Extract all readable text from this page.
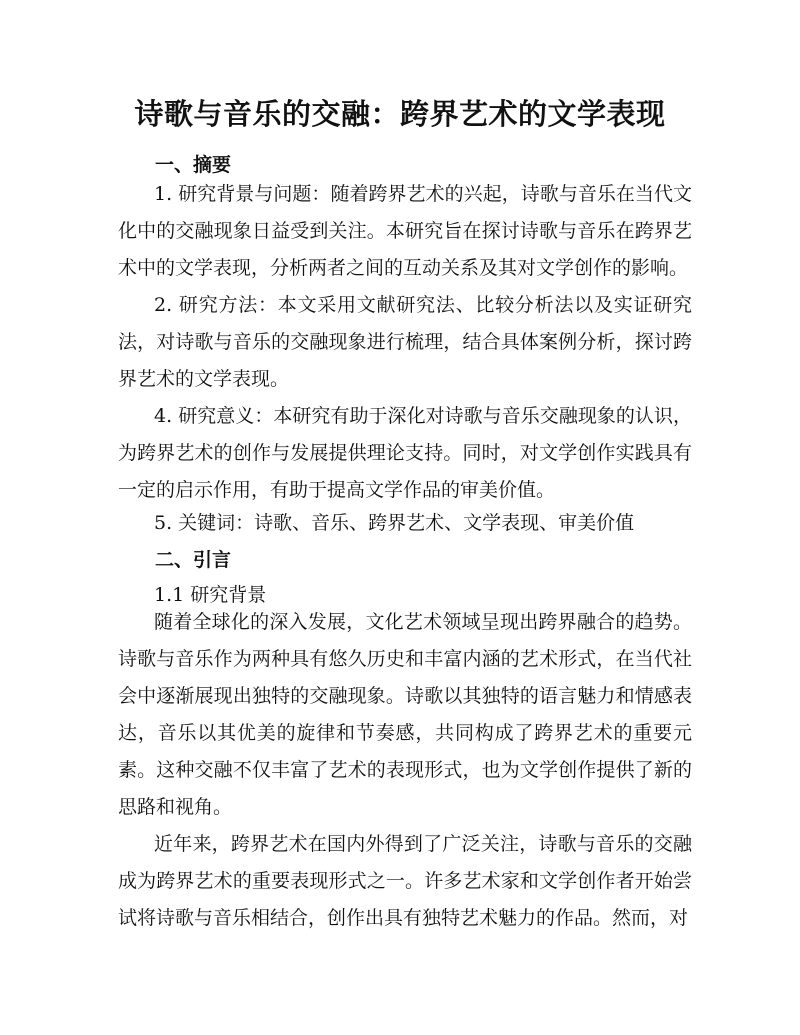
诗歌与音乐的交融：跨界艺术的文学表现
一、摘要

1. 研究背景与问题：随着跨界艺术的兴起，诗歌与音乐在当代文化中的交融现象日益受到关注。本研究旨在探讨诗歌与音乐在跨界艺术中的文学表现，分析两者之间的互动关系及其对文学创作的影响。

2. 研究方法：本文采用文献研究法、比较分析法以及实证研究法，对诗歌与音乐的交融现象进行梳理，结合具体案例分析，探讨跨界艺术的文学表现。

4. 研究意义：本研究有助于深化对诗歌与音乐交融现象的认识，为跨界艺术的创作与发展提供理论支持。同时，对文学创作实践具有一定的启示作用，有助于提高文学作品的审美价值。

5. 关键词：诗歌、音乐、跨界艺术、文学表现、审美价值
二、引言
1.1 研究背景

随着全球化的深入发展，文化艺术领域呈现出跨界融合的趋势。诗歌与音乐作为两种具有悠久历史和丰富内涵的艺术形式，在当代社会中逐渐展现出独特的交融现象。诗歌以其独特的语言魅力和情感表达，音乐以其优美的旋律和节奏感，共同构成了跨界艺术的重要元素。这种交融不仅丰富了艺术的表现形式，也为文学创作提供了新的思路和视角。

近年来，跨界艺术在国内外得到了广泛关注，诗歌与音乐的交融成为跨界艺术的重要表现形式之一。许多艺术家和文学创作者开始尝试将诗歌与音乐相结合，创作出具有独特艺术魅力的作品。然而，对
